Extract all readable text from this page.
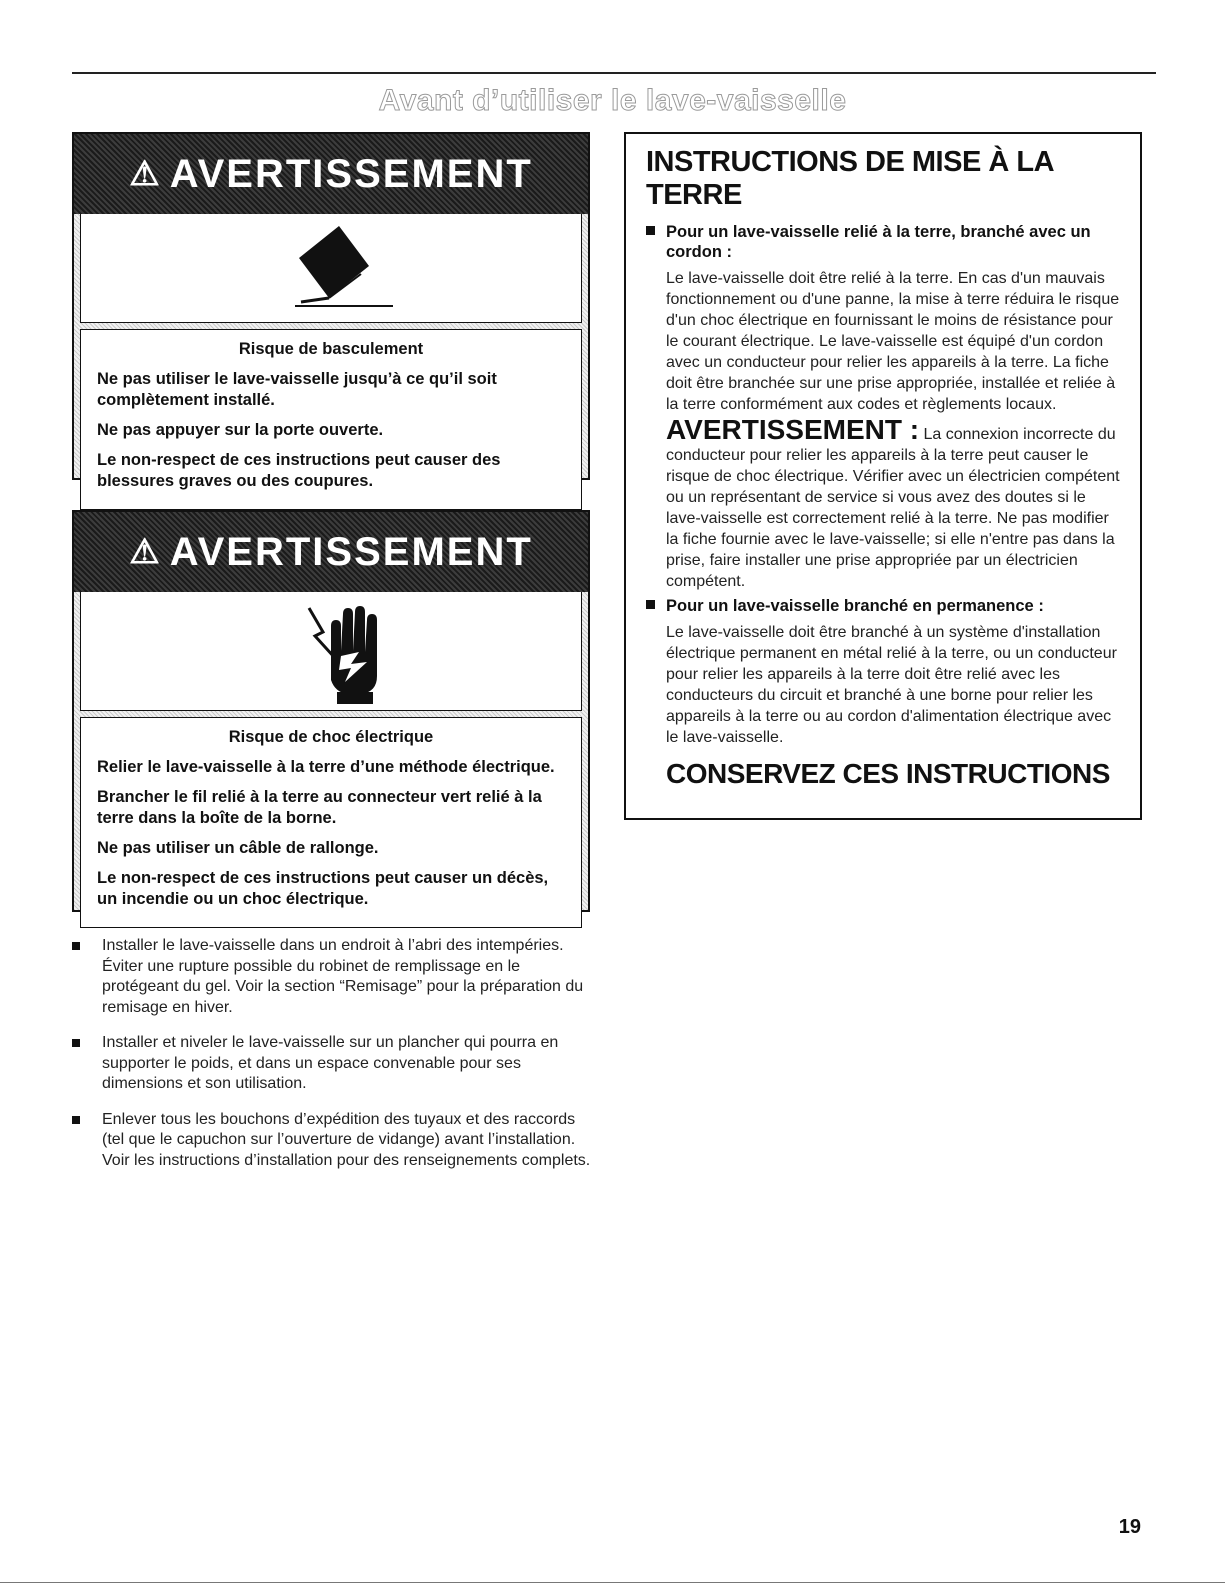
Avant d’utiliser le lave-vaisselle
⚠ AVERTISSEMENT

Risque de basculement

Ne pas utiliser le lave-vaisselle jusqu’à ce qu’il soit complètement installé.

Ne pas appuyer sur la porte ouverte.

Le non-respect de ces instructions peut causer des blessures graves ou des coupures.

⚠ AVERTISSEMENT

Risque de choc électrique

Relier le lave-vaisselle à la terre d’une méthode électrique.

Brancher le fil relié à la terre au connecteur vert relié à la terre dans la boîte de la borne.

Ne pas utiliser un câble de rallonge.

Le non-respect de ces instructions peut causer un décès, un incendie ou un choc électrique.

INSTRUCTIONS DE MISE À LA TERRE

Pour un lave-vaisselle relié à la terre, branché avec un cordon :

Le lave-vaisselle doit être relié à la terre. En cas d'un mauvais fonctionnement ou d'une panne, la mise à terre réduira le risque d'un choc électrique en fournissant le moins de résistance pour le courant électrique. Le lave-vaisselle est équipé d'un cordon avec un conducteur pour relier les appareils à la terre. La fiche doit être branchée sur une prise appropriée, installée et reliée à la terre conformément aux codes et règlements locaux.

AVERTISSEMENT : La connexion incorrecte du conducteur pour relier les appareils à la terre peut causer le risque de choc électrique. Vérifier avec un électricien compétent ou un représentant de service si vous avez des doutes si le lave-vaisselle est correctement relié à la terre. Ne pas modifier la fiche fournie avec le lave-vaisselle; si elle n'entre pas dans la prise, faire installer une prise appropriée par un électricien compétent.

Pour un lave-vaisselle branché en permanence :

Le lave-vaisselle doit être branché à un système d'installation électrique permanent en métal relié à la terre, ou un conducteur pour relier les appareils à la terre doit être relié avec les conducteurs du circuit et branché à une borne pour relier les appareils à la terre ou au cordon d'alimentation électrique avec le lave-vaisselle.

CONSERVEZ CES INSTRUCTIONS

Installer le lave-vaisselle dans un endroit à l’abri des intempéries. Éviter une rupture possible du robinet de remplissage en le protégeant du gel. Voir la section “Remisage” pour la préparation du remisage en hiver.
Installer et niveler le lave-vaisselle sur un plancher qui pourra en supporter le poids, et dans un espace convenable pour ses dimensions et son utilisation.
Enlever tous les bouchons d’expédition des tuyaux et des raccords (tel que le capuchon sur l’ouverture de vidange) avant l’installation. Voir les instructions d’installation pour des renseignements complets.
19
